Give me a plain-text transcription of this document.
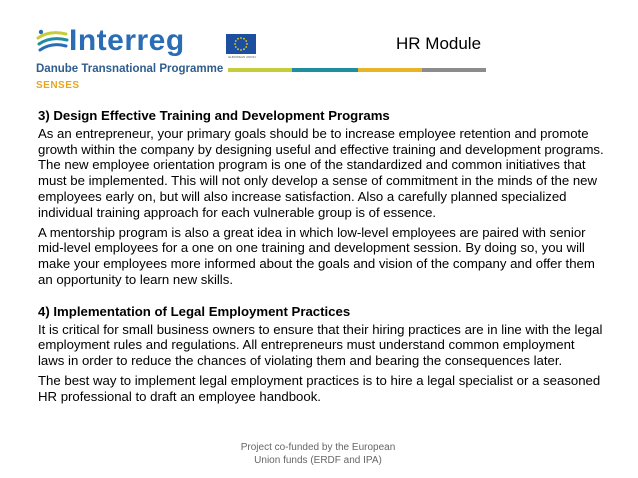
Interreg	EUROPEAN UNION
Danube Transnational Programme
SENSES
HR Module

3) Design Effective Training and Development Programs

As an entrepreneur, your primary goals should be to increase employee retention and promote growth within the company by designing useful and effective training and development programs. The new employee orientation program is one of the standardized and common initiatives that must be implemented. This will not only develop a sense of commitment in the minds of the new employees early on, but will also increase satisfaction. Also a carefully planned specialized individual training approach for each vulnerable group is of essence.

A mentorship program is also a great idea in which low-level employees are paired with senior mid-level employees for a one on one training and development session. By doing so, you will make your employees more informed about the goals and vision of the company and offer them an opportunity to learn new skills.

4) Implementation of Legal Employment Practices

It is critical for small business owners to ensure that their hiring practices are in line with the legal employment rules and regulations. All entrepreneurs must understand common employment laws in order to reduce the chances of violating them and bearing the consequences later.

The best way to implement legal employment practices is to hire a legal specialist or a seasoned HR professional to draft an employee handbook.

Project co-funded by the European
Union funds (ERDF and IPA)
